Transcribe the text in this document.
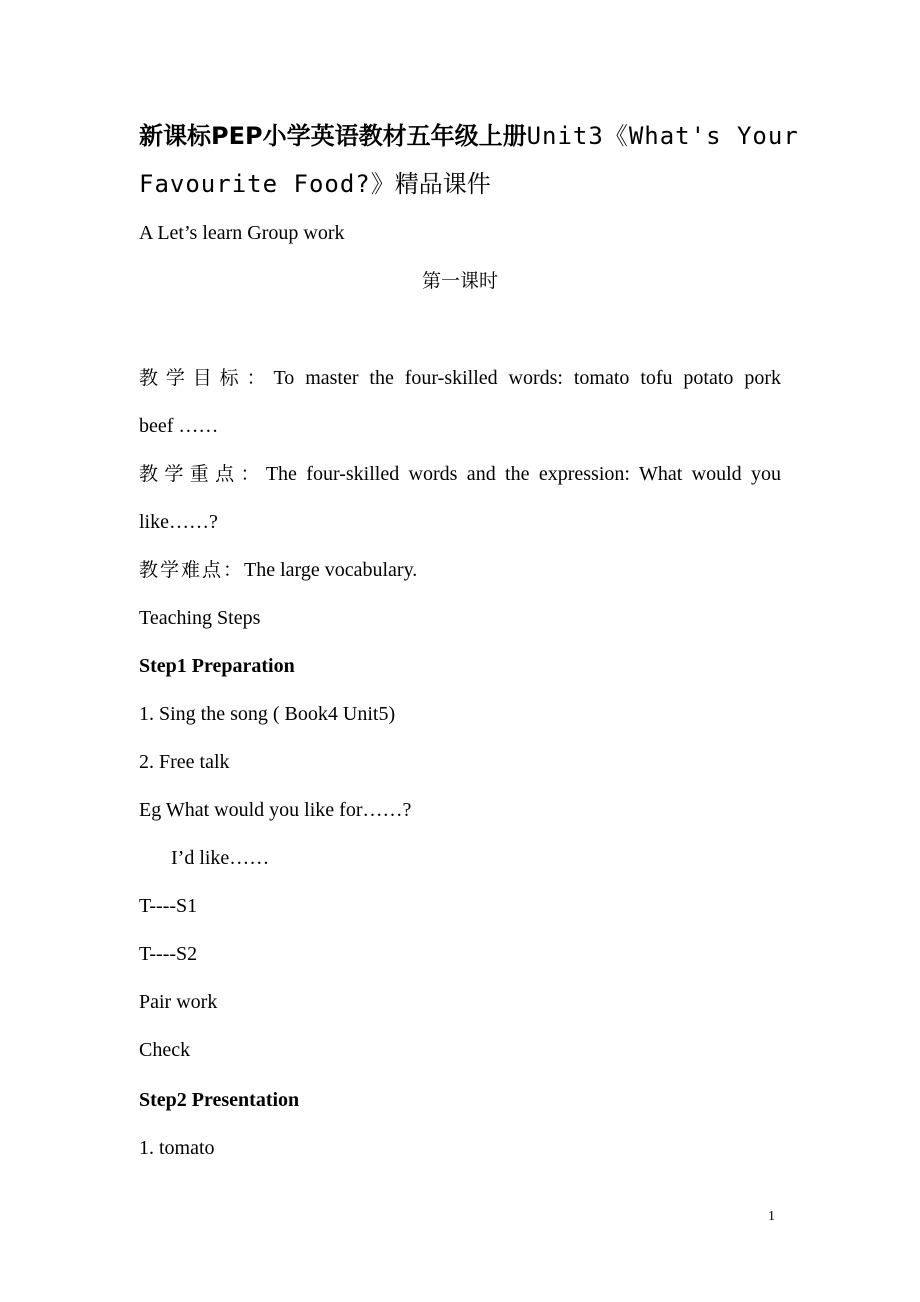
新课标PEP小学英语教材五年级上册Unit3《What's Your
Favourite Food?》精品课件
A Let’s learn Group work
第一课时
教学目标：To master the four-skilled words: tomato tofu potato pork
beef ……
教学重点：The four-skilled words and the expression: What would you
like……?
教学难点：The large vocabulary.
Teaching Steps
Step1 Preparation
1. Sing the song ( Book4 Unit5)
2. Free talk
Eg What would you like for……?
I’d like……
T----S1
T----S2
Pair work
Check
Step2 Presentation
1. tomato
1
